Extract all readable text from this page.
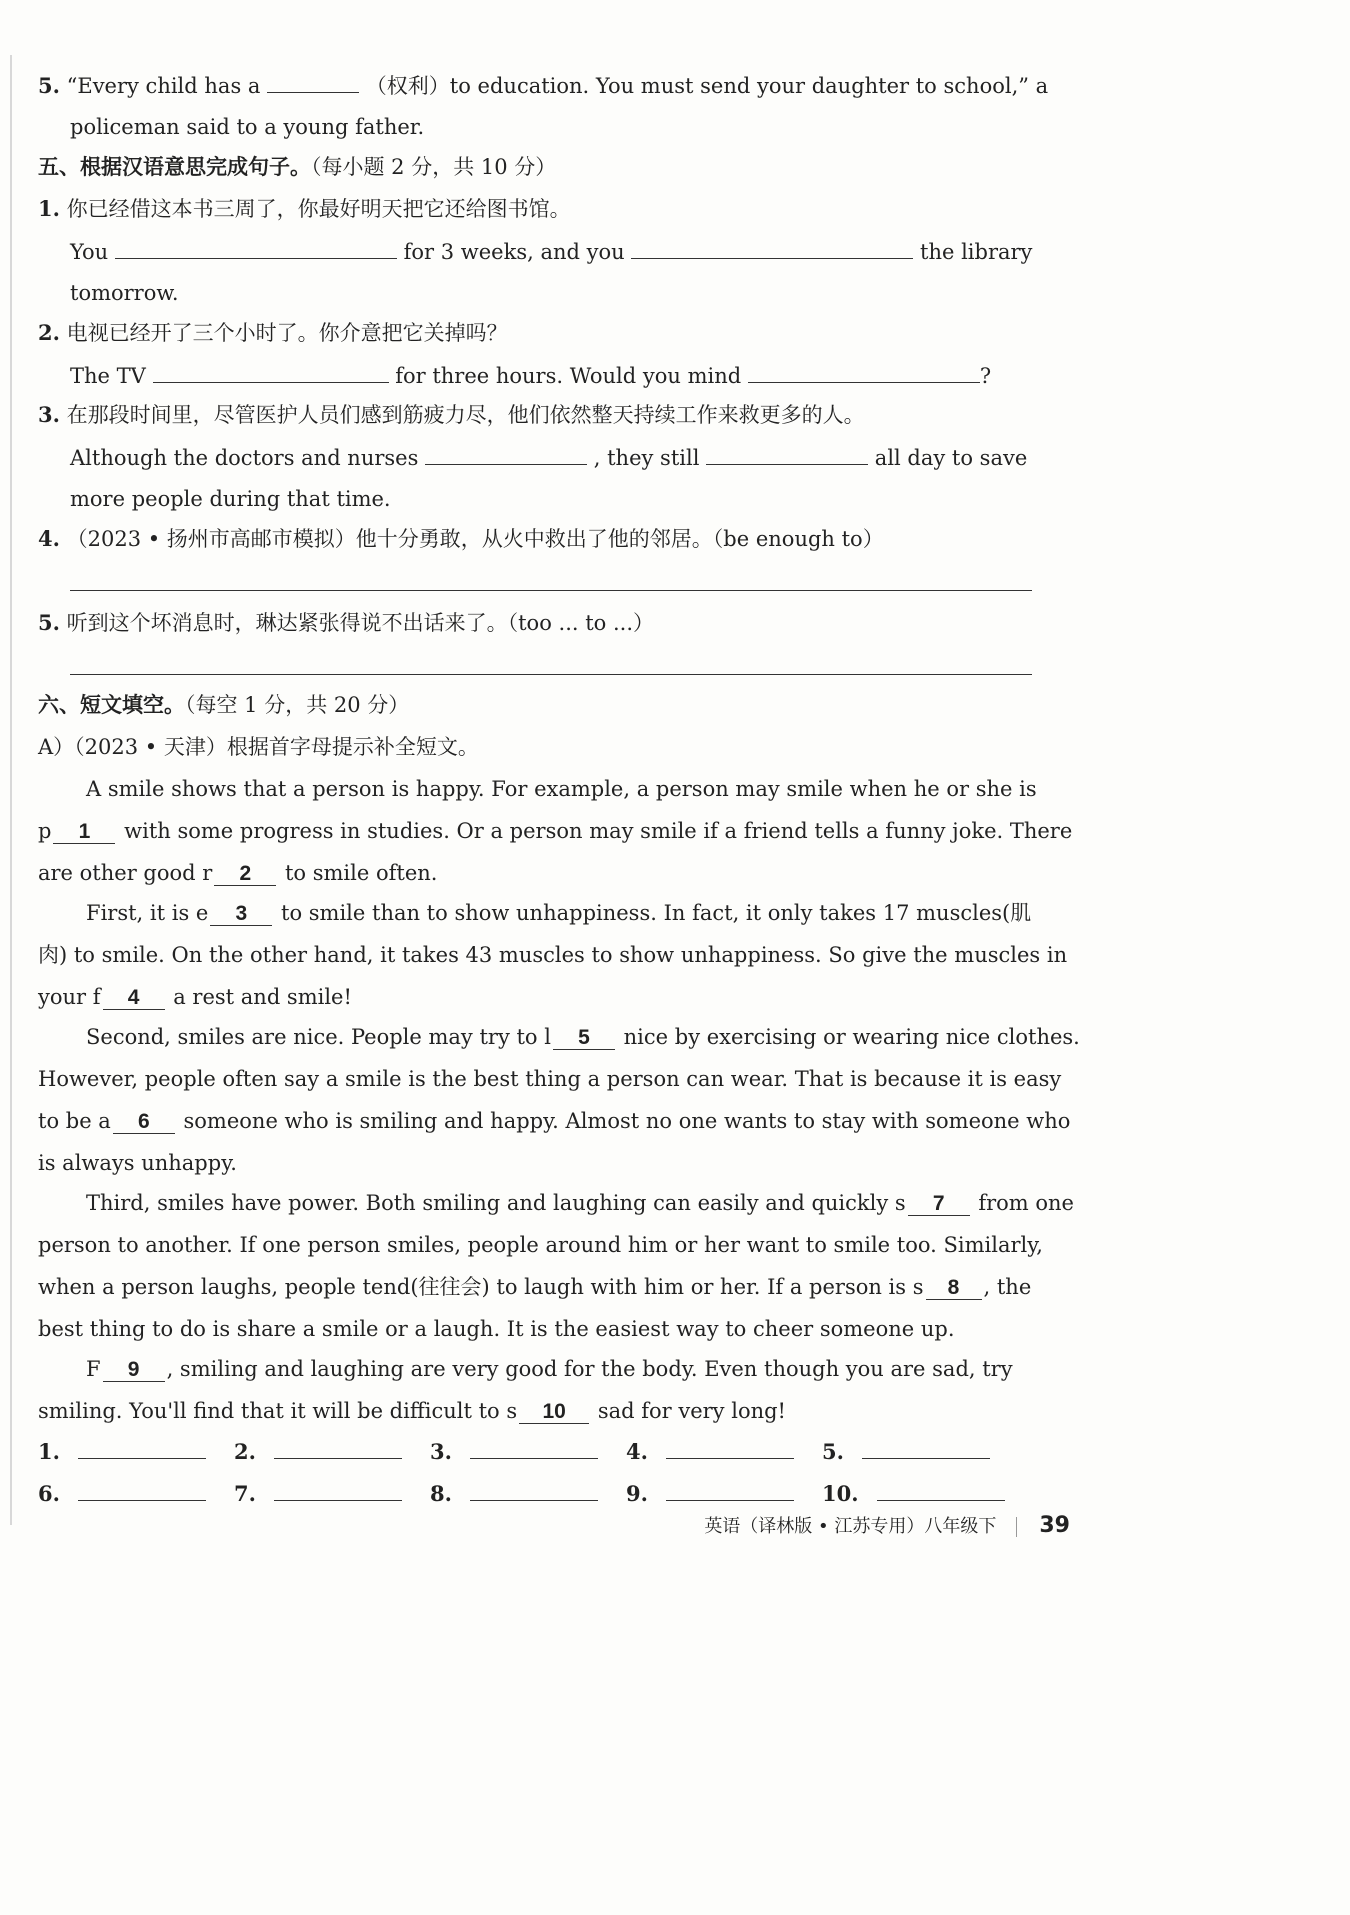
5. “Every child has a	（权利）to education. You must send your daughter to school,” a
policeman said to a young father.
五、根据汉语意思完成句子。（每小题 2 分，共 10 分）
1. 你已经借这本书三周了，你最好明天把它还给图书馆。
You	for 3 weeks, and you	the library
tomorrow.
2. 电视已经开了三个小时了。你介意把它关掉吗？
The TV	for three hours. Would you mind	?
3. 在那段时间里，尽管医护人员们感到筋疲力尽，他们依然整天持续工作来救更多的人。
Although the doctors and nurses	, they still	all day to save
more people during that time.
4. （2023 • 扬州市高邮市模拟）他十分勇敢，从火中救出了他的邻居。（be enough to）
5. 听到这个坏消息时，琳达紧张得说不出话来了。（too ... to ...）
六、短文填空。（每空 1 分，共 20 分）
A）（2023 • 天津）根据首字母提示补全短文。
A smile shows that a person is happy. For example, a person may smile when he or she is
p 1 with some progress in studies. Or a person may smile if a friend tells a funny joke. There
are other good r 2 to smile often.
First, it is e 3 to smile than to show unhappiness. In fact, it only takes 17 muscles(肌
肉) to smile. On the other hand, it takes 43 muscles to show unhappiness. So give the muscles in
your f 4 a rest and smile!
Second, smiles are nice. People may try to l 5 nice by exercising or wearing nice clothes.
However, people often say a smile is the best thing a person can wear. That is because it is easy
to be a 6 someone who is smiling and happy. Almost no one wants to stay with someone who
is always unhappy.
Third, smiles have power. Both smiling and laughing can easily and quickly s 7 from one
person to another. If one person smiles, people around him or her want to smile too. Similarly,
when a person laughs, people tend(往往会) to laugh with him or her. If a person is s 8 , the
best thing to do is share a smile or a laugh. It is the easiest way to cheer someone up.
F 9 , smiling and laughing are very good for the body. Even though you are sad, try
smiling. You'll find that it will be difficult to s 10 sad for very long!
1.	2.	3.	4.	5.
6.	7.	8.	9.	10.
英语（译林版 • 江苏专用）八年级下 39
